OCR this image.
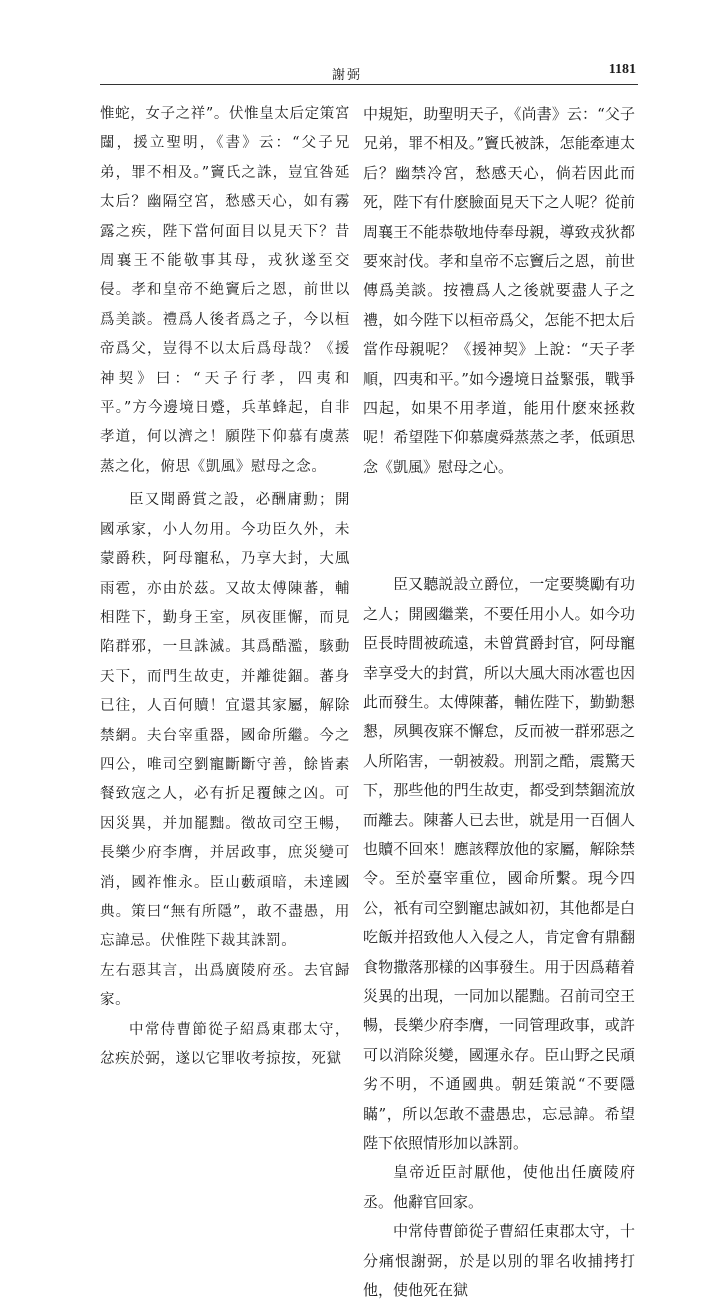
謝弼	1181

惟蛇，女子之祥”。伏惟皇太后定策宮闥，援立聖明，《書》云：“父子兄弟，罪不相及。”竇氏之誅，豈宜咎延太后？幽隔空宮，愁感天心，如有霧露之疾，陛下當何面目以見天下？昔周襄王不能敬事其母，戎狄遂至交侵。孝和皇帝不絶竇后之恩，前世以爲美談。禮爲人後者爲之子，今以桓帝爲父，豈得不以太后爲母哉？《援神契》曰：“天子行孝，四夷和平。”方今邊境日蹙，兵革蜂起，自非孝道，何以濟之！願陛下仰慕有虞蒸蒸之化，俯思《凱風》慰母之念。

臣又聞爵賞之設，必酬庸勳；開國承家，小人勿用。今功臣久外，未蒙爵秩，阿母寵私，乃享大封，大風雨雹，亦由於茲。又故太傅陳蕃，輔相陛下，勤身王室，夙夜匪懈，而見陷群邪，一旦誅滅。其爲酷濫，駭動天下，而門生故吏，并離徙錮。蕃身已往，人百何贖！宜還其家屬，解除禁網。夫台宰重器，國命所繼。今之四公，唯司空劉寵斷斷守善，餘皆素餐致寇之人，必有折足覆餗之凶。可因災異，并加罷黜。徵故司空王暢，長樂少府李膺，并居政事，庶災變可消，國祚惟永。臣山藪頑暗，未達國典。策曰“無有所隱”，敢不盡愚，用忘諱忌。伏惟陛下裁其誅罰。

左右惡其言，出爲廣陵府丞。去官歸家。

中常侍曹節從子紹爲東郡太守，忿疾於弼，遂以它罪收考掠按，死獄

中規矩，助聖明天子，《尚書》云：“父子兄弟，罪不相及。”竇氏被誅，怎能牽連太后？幽禁冷宮，愁感天心，倘若因此而死，陛下有什麽臉面見天下之人呢？從前周襄王不能恭敬地侍奉母親，導致戎狄都要來討伐。孝和皇帝不忘竇后之恩，前世傳爲美談。按禮爲人之後就要盡人子之禮，如今陛下以桓帝爲父，怎能不把太后當作母親呢？《援神契》上說：“天子孝順，四夷和平。”如今邊境日益緊張，戰爭四起，如果不用孝道，能用什麽來拯救呢！希望陛下仰慕虞舜蒸蒸之孝，低頭思念《凱風》慰母之心。

臣又聽説設立爵位，一定要獎勵有功之人；開國繼業，不要任用小人。如今功臣長時間被疏遠，未曾賞爵封官，阿母寵幸享受大的封賞，所以大風大雨冰雹也因此而發生。太傅陳蕃，輔佐陛下，勤勤懇懇，夙興夜寐不懈怠，反而被一群邪惡之人所陷害，一朝被殺。刑罰之酷，震驚天下，那些他的門生故吏，都受到禁錮流放而離去。陳蕃人已去世，就是用一百個人也贖不回來！應該釋放他的家屬，解除禁令。至於臺宰重位，國命所繫。現今四公，衹有司空劉寵忠誠如初，其他都是白吃飯并招致他人入侵之人，肯定會有鼎翻食物撒落那樣的凶事發生。用于因爲藉着災異的出現，一同加以罷黜。召前司空王暢，長樂少府李膺，一同管理政事，或許可以消除災變，國運永存。臣山野之民頑劣不明，不通國典。朝廷策説“不要隱瞞”，所以怎敢不盡愚忠，忘忌諱。希望陛下依照情形加以誅罰。

皇帝近臣討厭他，使他出任廣陵府丞。他辭官回家。

中常侍曹節從子曹紹任東郡太守，十分痛恨謝弼，於是以別的罪名收捕拷打他，使他死在獄
